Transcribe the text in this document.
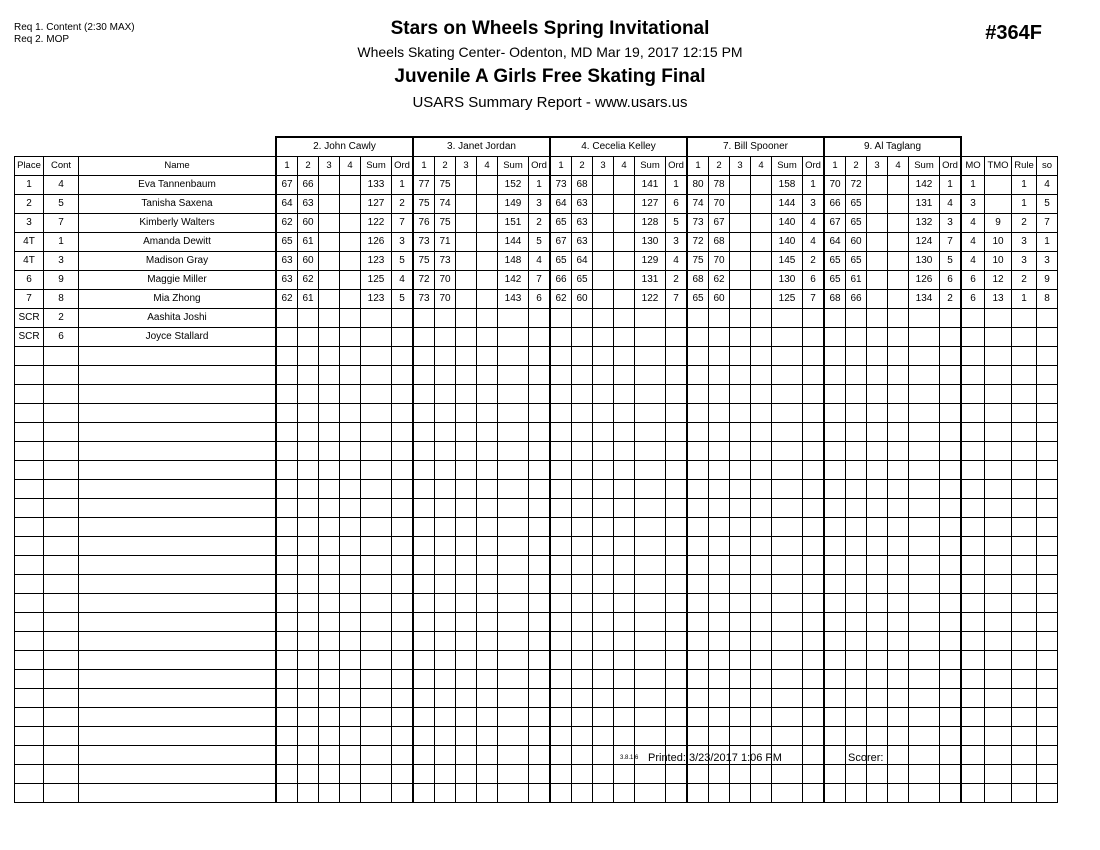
Req 1. Content (2:30 MAX)
Req 2. MOP
Stars on Wheels Spring Invitational
Wheels Skating Center- Odenton, MD Mar 19, 2017 12:15 PM
Juvenile A Girls Free Skating Final
USARS Summary Report - www.usars.us
#364F
			2. John Cawly						3. Janet Jordan						4. Cecelia Kelley						7. Bill Spooner						9. Al Taglang									
Place	Cont	Name	1	2	3	4	Sum	Ord	1	2	3	4	Sum	Ord	1	2	3	4	Sum	Ord	1	2	3	4	Sum	Ord	1	2	3	4	Sum	Ord	MO	TMO	Rule	so
1	4	Eva Tannenbaum	67	66			133	1	77	75			152	1	73	68			141	1	80	78			158	1	70	72			142	1	1		1	4
2	5	Tanisha Saxena	64	63			127	2	75	74			149	3	64	63			127	6	74	70			144	3	66	65			131	4	3		1	5
3	7	Kimberly Walters	62	60			122	7	76	75			151	2	65	63			128	5	73	67			140	4	67	65			132	3	4	9	2	7
4T	1	Amanda Dewitt	65	61			126	3	73	71			144	5	67	63			130	3	72	68			140	4	64	60			124	7	4	10	3	1
4T	3	Madison Gray	63	60			123	5	75	73			148	4	65	64			129	4	75	70			145	2	65	65			130	5	4	10	3	3
6	9	Maggie Miller	63	62			125	4	72	70			142	7	66	65			131	2	68	62			130	6	65	61			126	6	6	12	2	9
7	8	Mia Zhong	62	61			123	5	73	70			143	6	62	60			122	7	65	60			125	7	68	66			134	2	6	13	1	8
SCR	2	Aashita Joshi																																		
SCR	6	Joyce Stallard																																		

3.8.1.6 Printed: 3/23/2017 1:06 PM	Scorer:
